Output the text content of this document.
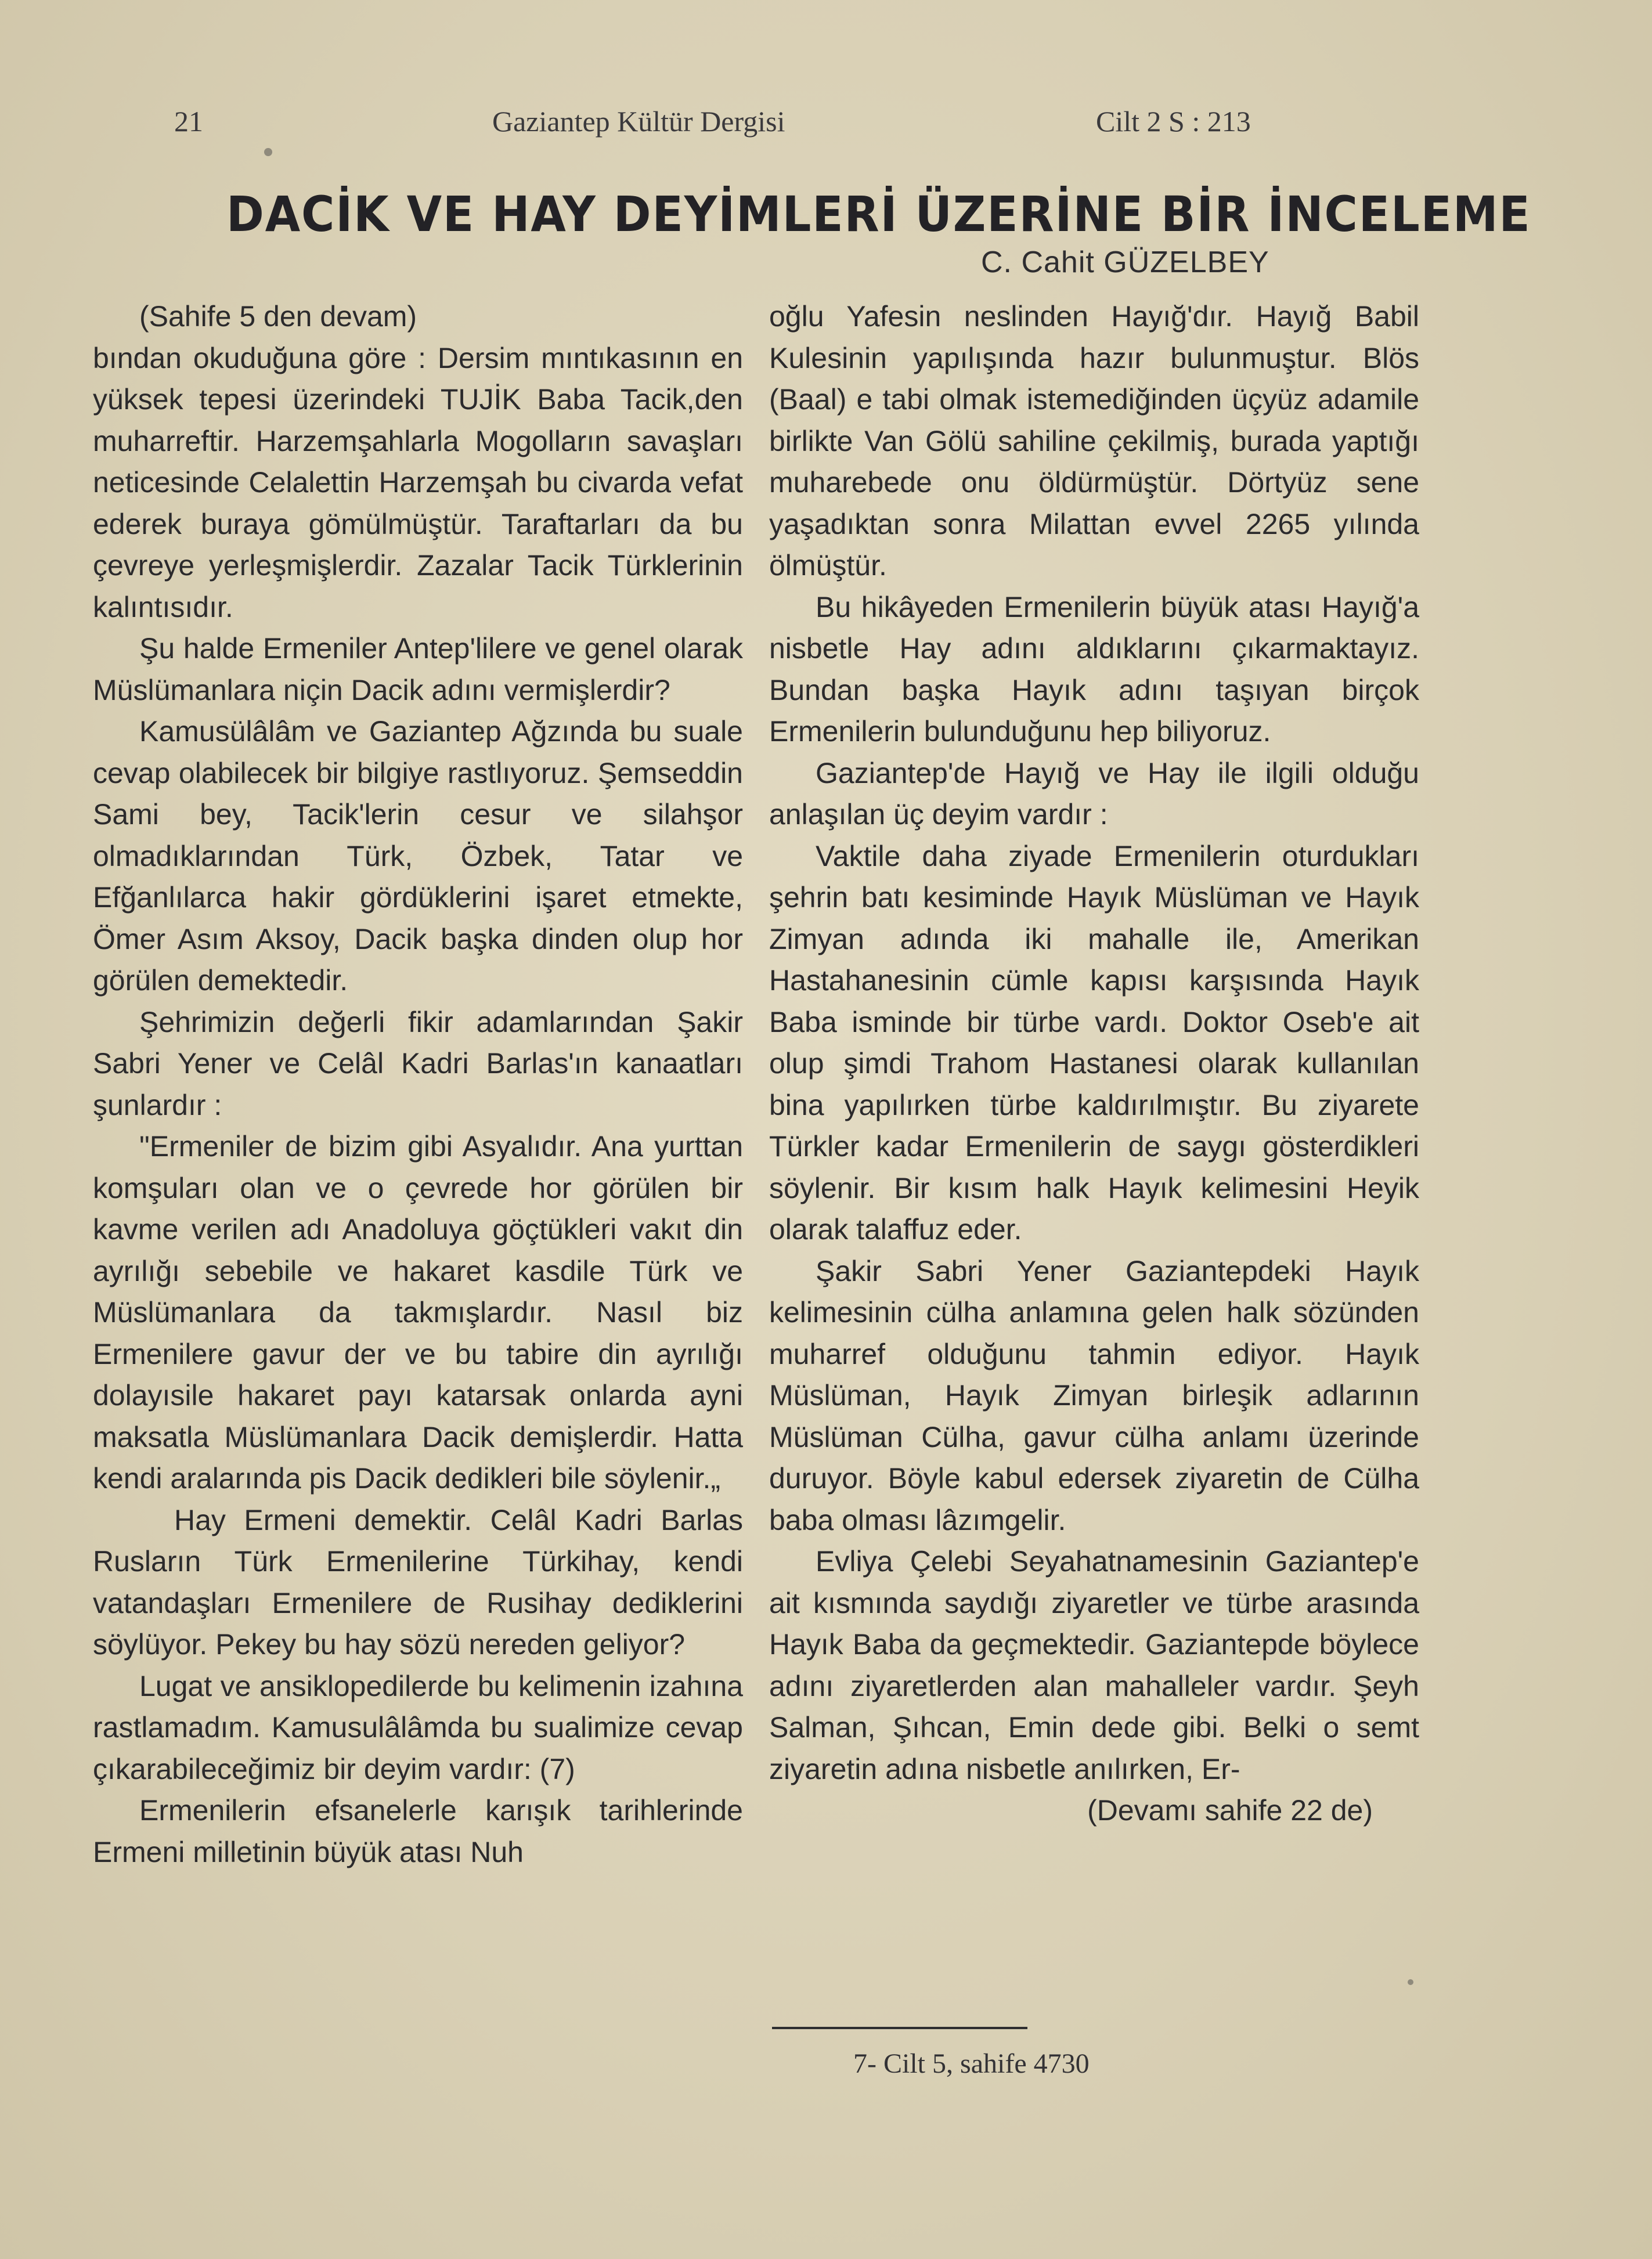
21	Gaziantep Kültür Dergisi	Cilt 2 S : 213
DACİK VE HAY DEYİMLERİ ÜZERİNE BİR İNCELEME
C. Cahit GÜZELBEY

(Sahife 5 den devam)

bından okuduğuna göre : Dersim mıntıkasının en yüksek tepesi üzerindeki TUJİK Baba Tacik,den muharreftir. Harzemşahlarla Mogolların savaşları neticesinde Celalettin Harzemşah bu civarda vefat ederek buraya gömülmüştür. Taraftarları da bu çevreye yerleşmişlerdir. Zazalar Tacik Türklerinin kalıntısıdır.

Şu halde Ermeniler Antep'lilere ve genel olarak Müslümanlara niçin Dacik adını vermişlerdir?

Kamusülâlâm ve Gaziantep Ağzında bu suale cevap olabilecek bir bilgiye rastlıyoruz. Şemseddin Sami bey, Tacik'lerin cesur ve silahşor olmadıklarından Türk, Özbek, Tatar ve Efğanlılarca hakir gördüklerini işaret etmekte, Ömer Asım Aksoy, Dacik başka dinden olup hor görülen demektedir.

Şehrimizin değerli fikir adamlarından Şakir Sabri Yener ve Celâl Kadri Barlas'ın kanaatları şunlardır :

"Ermeniler de bizim gibi Asyalıdır. Ana yurttan komşuları olan ve o çevrede hor görülen bir kavme verilen adı Anadoluya göçtükleri vakıt din ayrılığı sebebile ve hakaret kasdile Türk ve Müslümanlara da takmışlardır. Nasıl biz Ermenilere gavur der ve bu tabire din ayrılığı dolayısile hakaret payı katarsak onlarda ayni maksatla Müslümanlara Dacik demişlerdir. Hatta kendi aralarında pis Dacik dedikleri bile söylenir.„

Hay Ermeni demektir. Celâl Kadri Barlas Rusların Türk Ermenilerine Türkihay, kendi vatandaşları Ermenilere de Rusihay dediklerini söylüyor. Pekey bu hay sözü nereden geliyor?

Lugat ve ansiklopedilerde bu kelimenin izahına rastlamadım. Kamusulâlâmda bu sualimize cevap çıkarabileceğimiz bir deyim vardır: (7)

Ermenilerin efsanelerle karışık tarihlerinde Ermeni milletinin büyük atası Nuh

oğlu Yafesin neslinden Hayığ'dır. Hayığ Babil Kulesinin yapılışında hazır bulunmuştur. Blös (Baal) e tabi olmak istemediğinden üçyüz adamile birlikte Van Gölü sahiline çekilmiş, burada yaptığı muharebede onu öldürmüştür. Dörtyüz sene yaşadıktan sonra Milattan evvel 2265 yılında ölmüştür.

Bu hikâyeden Ermenilerin büyük atası Hayığ'a nisbetle Hay adını aldıklarını çıkarmaktayız. Bundan başka Hayık adını taşıyan birçok Ermenilerin bulunduğunu hep biliyoruz.

Gaziantep'de Hayığ ve Hay ile ilgili olduğu anlaşılan üç deyim vardır :

Vaktile daha ziyade Ermenilerin oturdukları şehrin batı kesiminde Hayık Müslüman ve Hayık Zimyan adında iki mahalle ile, Amerikan Hastahanesinin cümle kapısı karşısında Hayık Baba isminde bir türbe vardı. Doktor Oseb'e ait olup şimdi Trahom Hastanesi olarak kullanılan bina yapılırken türbe kaldırılmıştır. Bu ziyarete Türkler kadar Ermenilerin de saygı gösterdikleri söylenir. Bir kısım halk Hayık kelimesini Heyik olarak talaffuz eder.

Şakir Sabri Yener Gaziantepdeki Hayık kelimesinin cülha anlamına gelen halk sözünden muharref olduğunu tahmin ediyor. Hayık Müslüman, Hayık Zimyan birleşik adlarının Müslüman Cülha, gavur cülha anlamı üzerinde duruyor. Böyle kabul edersek ziyaretin de Cülha baba olması lâzımgelir.

Evliya Çelebi Seyahatnamesinin Gaziantep'e ait kısmında saydığı ziyaretler ve türbe arasında Hayık Baba da geçmektedir. Gaziantepde böylece adını ziyaretlerden alan mahalleler vardır. Şeyh Salman, Şıhcan, Emin dede gibi. Belki o semt ziyaretin adına nisbetle anılırken, Er-

(Devamı sahife 22 de)

7- Cilt 5, sahife 4730
